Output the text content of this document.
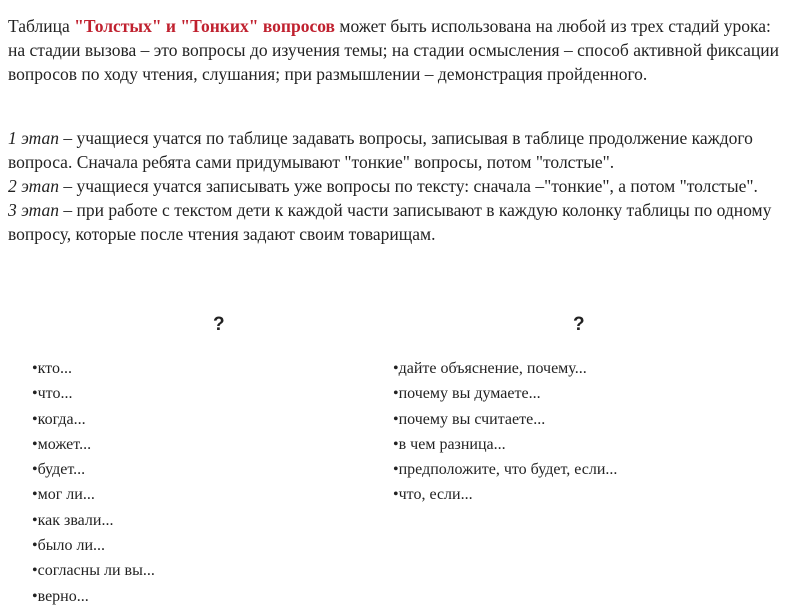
Таблица "Толстых" и "Тонких" вопросов может быть использована на любой из трех стадий урока: на стадии вызова – это вопросы до изучения темы; на стадии осмысления – способ активной фиксации вопросов по ходу чтения, слушания; при размышлении – демонстрация пройденного.

1 этап – учащиеся учатся по таблице задавать вопросы, записывая в таблице продолжение каждого вопроса. Сначала ребята сами придумывают "тонкие" вопросы, потом "толстые".

2 этап – учащиеся учатся записывать уже вопросы по тексту: сначала –"тонкие", а потом "толстые".

3 этап – при работе с текстом дети к каждой части записывают в каждую колонку таблицы по одному вопросу, которые после чтения задают своим товарищам.

?	?
• кто...
• что...
• когда...
• может...
• будет...
• мог ли...
• как звали...
• было ли...
• согласны ли вы...
• верно...
• дайте объяснение, почему...
• почему вы думаете...
• почему вы считаете...
• в чем разница...
• предположите, что будет, если...
• что, если...
